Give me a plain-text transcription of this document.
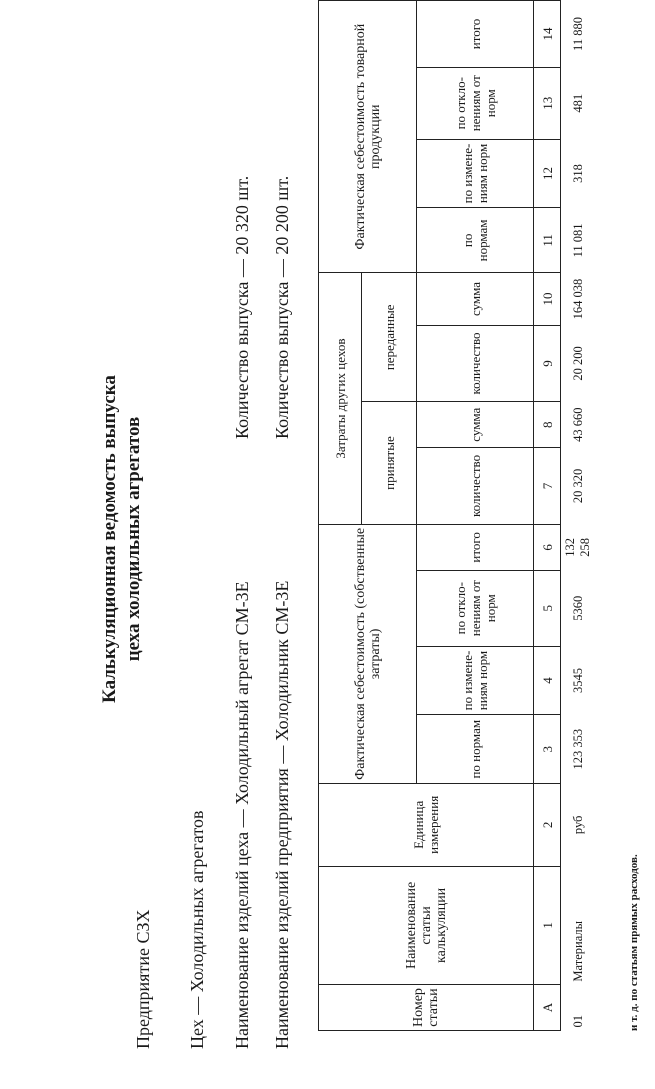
Калькуляционная ведомость выпуска цеха холодильных агрегатов
Предприятие СЗХ Цех — Холодильных агрегатов Наименование изделий цеха — Холодильный агрегат СМ-3Е Наименование изделий предприятия — Холодильник СМ-3Е
Количество выпуска — 20 320 шт. Количество выпуска — 20 200 шт.
Номер статьи	Наименование статьи калькуляции	Единица измерения	Фактическая себестоимость (собственные затраты)				Затраты других цехов				Фактическая себестоимость товарной продукции			
							принятые		переданные					
			по нормам	по измене-ниям норм	по откло-нениям от норм	итого	количество	сумма	количество	сумма	по нормам	по измене-ниям норм	по откло-нениям от норм	итого
А	1	2	3	4	5	6	7	8	9	10	11	12	13	14
01	Материалы	руб	123 353	3545	5360	132 258	20 320	43 660	20 200	164 038	11 081	318	481	11 880
и т. д. по статьям прямых расходов.
